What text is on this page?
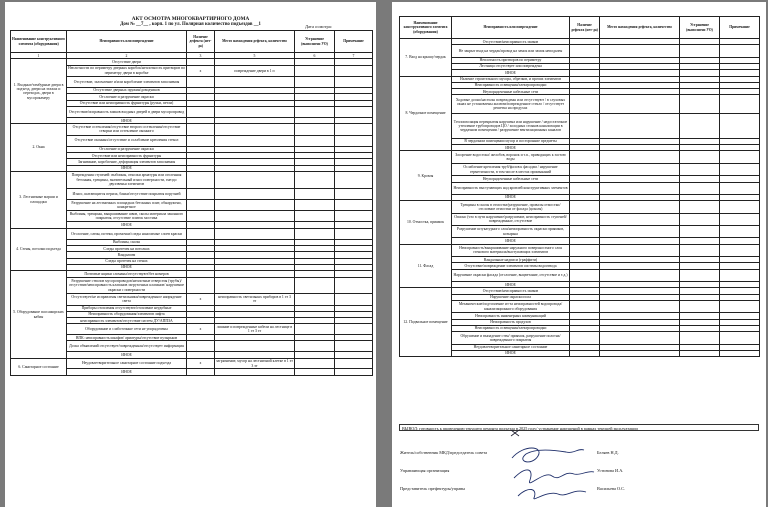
АКТ ОСМОТРА МНОГОКВАРТИРНОГО ДОМА
Дом № __7__ , корп. 1 по ул. Полярная количество подъездов __1	Дата осмотра:
Наименование конструктивного элемента (оборудования)	Неисправность или повреждение	Наличие дефекта (нет-да)	Место нахождения дефекта, количество	Устранение (выполнено УО)	Примечание
1	2	3	5	6	7
1. Входные/тамбурные двери в подъезд, двери на этажах и переходах, двери в мусорокамеру	Отсутствие двери				
	Неплотности по периметру дверных коробок/неплотность притворов по периметру двери в коробке	х	повреждение двери в 1 п		
	Отсутствие, заломление и/или коробление элементов заполнения				
	Отсутствие дверных пружин/доводчиков				
	Отслоение и разрушение окраски				
	Отсутствие или неисправность фурнитуры (ручки, петли)				
	Отсутствие/исправность замков входных дверей в двери мусоропровод				
	ИНОЕ				
2. Окна	Отсутствие остекления/отсутствие второго остекления/отсутствие створки или остекление оконного				
	Отсутствие оконных/отсутствие и ослабление крепления стекол				
	Отслоение и разрушение окраски				
	Отсутствие или неисправность фурнитуры				
	Загнивание, коробление, деформация элементов заполнения				
	ИНОЕ				
3. Лестничные марши и площадки	Повреждения ступеней: выбоины, отколки арматуры или оголенная бетонная, трещины, значительный износ поверхности, гнездо двухзвенья элементов				
	Износ, шатающиеся перила, банки/отсутствие покрытия поручней				
	Разрушение на лестничных площадках бетонных плит, обнаружено, конкретное				
	Выбоины, трещины, выкрашивание швов, сколы материала законного покрытия, отсутствие плиток мостика				
	ИНОЕ				
4. Стены, потолки подъезда	Отслоение, сатин, потеки, промочки/следы наносимые слоев краски				
	Выбоины, сколы				
	Следы протечек на потолках				
	Вандализм				
	Следы протечек на стенах				
	ИНОЕ				
5. Оборудование пассажирских кабин	Почтовые ящики сломаны/отсутствуют/без номеров				
	Разрушение стволов мусоропроводов/неплотные отверстия (трубы)/отсутствие/неисправность клапанов загрузочных клапанов/ нарушение окраски с поверхности				
	Отсутствует/не исправлены светильники/поврежденное напрядение света	х	неисправность светильных приборов в 1 эт 3 эт		
	Приборы отопления отсутствуют/отопление неудобные				
	Неисправность оборудования/элементов лифта				
	неисправность элементов/отсутствие систем ДУ/АППЗА				
	Оборудование и слаботочные сети не упорядочены	х	лишние и поврежденные кабели на лестнице в 1 эт 3 эт		
	ВПК: неисправность шкафов/ арматуры/отсутствие пузырьков				
	Доска объявлений отсутствует/поврежденная/отсутствует информация				
	ИНОЕ				
6. Санитарное состояние	Неудовлетворительное санитарное состояние подъезда	х	загрязнение, мусор на лестничной клетке в 1 эт 3 эт		
	ИНОЕ				
Наименование конструктивного элемента (оборудования)	Неисправность или повреждение	Наличие дефекта (нет-да)	Место нахождения дефекта, количество	Устранение (выполнено УО)	Примечание
7. Вход на крышу/чердак	Отсутствие/неисправность замков				
	Не закрыт вход на чердак/провод на замок или замок неподален				
	Неплотность притворов по периметру				
	Лестница отсутствует или повреждена				
	ИНОЕ				
8. Чердачное помещение	Наличие строительного мусора, обрезков, и прочих элементов				
	Неисправность освещения/электропроводки				
	Неупорядоченные кабельные сети				
	Ходовые доски/настилы повреждены или отсутствуют / в слуховых окнах не установлены жалюзи/поврежденное стекло / отсутствует решетка на продухах				
	Теплоизоляция перекрытия нарушена или нарушение / недостаточное утепление трубопроводов ЦО / холодных стояков канализации в чердачном помещении / разрушение вентиляционных каналов				
	В чердачном помещении мусор и посторонние предметы				
	ИНОЕ				
9. Кровля	Засорение водостока/ желобов, воронок и т.п., приводящих к застою воды				
	Ослабление крепления труб/фалов к фасадам / нарушение герметичности, в том числе в местах примыканий				
	Неупорядоченные кабельные сети				
	Неисправность выступающих над кровлей конструктивных элементов				
	ИНОЕ				
10. Отмостка, приямок	Трещины в сколы в отмостке/разрушение, провалы отмостки/отслоение отмостки от фасада (цоколя)				
	Опасно (что в пути нарушение/разрушение, неисправность ступеней/поврежденные, отсутствие				
	Разрушение штукатурного слоя/неисправность окраски приямков, козырька				
	ИНОЕ				
11. Фасад	Неисправность/выкрашивание наружного поверхностного слоя стенового материала/выступающих элементов				
	Вандальные надписи (граффити)				
	Отсутствие/повреждение элементов системы водоотвода				
	Нарушение окраски фасада (отслоение, выцветание, отсутствие и т.д.)				
	ИНОЕ				
12. Подвальное помещение	Отсутствие/неисправность замков				
	Нарушение окраски пола				
	Механические/подтопление из-за неисправностей водопровода/канализационного оборудования				
	Неисправность инженерных коммуникаций				
	Неисправность продухов				
	Неисправность освещения/электропроводки				
	Обрушение и выпадение стен/ приямок, разрушение полотна/поврежденного покрытия				
	Неудовлетворительное санитарное состояние				
	ИНОЕ				
ВЫВОД: готовность к проведению текущего ремонта подъезда в 2025 году/ устранение нарушений в рамках текущей эксплуатации
Житель/собственник МКД/председатель совета	Беляев Н.Д.
Управляющая организация	Устинова И.А.
Представитель префектуры/управы	Васильева О.С.
